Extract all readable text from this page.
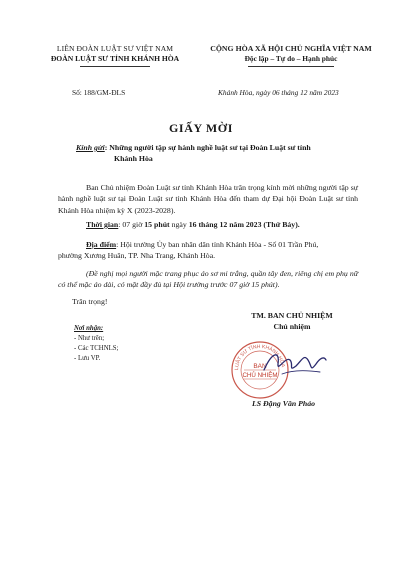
LIÊN ĐOÀN LUẬT SƯ VIỆT NAM
ĐOÀN LUẬT SƯ TỈNH KHÁNH HÒA
CỘNG HÒA XÃ HỘI CHỦ NGHĨA VIỆT NAM
Độc lập – Tự do – Hạnh phúc
Số: 188/GM-ĐLS	Khánh Hòa, ngày 06 tháng 12 năm 2023
GIẤY MỜI
Kính gửi: Những người tập sự hành nghề luật sư tại Đoàn Luật sư tỉnh
Khánh Hòa
Ban Chủ nhiệm Đoàn Luật sư tỉnh Khánh Hòa trân trọng kính mời những người tập sự hành nghề luật sư tại Đoàn Luật sư tỉnh Khánh Hòa đến tham dự Đại hội Đoàn Luật sư tỉnh Khánh Hòa nhiệm kỳ X (2023-2028).
Thời gian: 07 giờ 15 phút ngày 16 tháng 12 năm 2023 (Thứ Bảy).
Địa điểm: Hội trường Ủy ban nhân dân tỉnh Khánh Hòa - Số 01 Trần Phú,
phường Xương Huân, TP. Nha Trang, Khánh Hòa.
(Đề nghị mọi người mặc trang phục áo sơ mi trắng, quần tây đen, riêng chị em phụ nữ có thể mặc áo dài, có mặt đầy đủ tại Hội trường trước 07 giờ 15 phút).
Trân trọng!
Nơi nhận:
- Như trên;
- Các TCHNLS;
- Lưu VP.
TM. BAN CHỦ NHIỆM
Chủ nhiệm
LUẬT SƯ TỈNH KHÁNH HÒA
BAN
CHỦ NHIỆM
LS Đặng Văn Pháo
